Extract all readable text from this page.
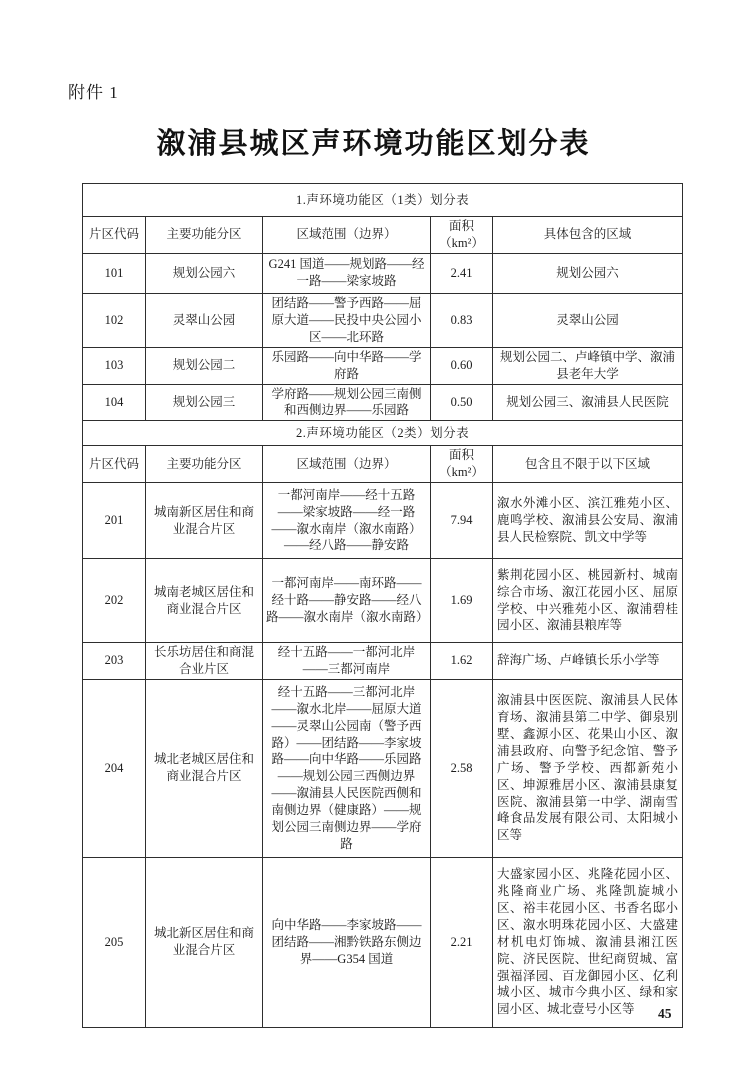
附件 1
溆浦县城区声环境功能区划分表
1.声环境功能区（1类）划分表				
片区代码	主要功能分区	区域范围（边界）	面积（km²）	具体包含的区域
101	规划公园六	G241 国道——规划路——经一路——梁家坡路	2.41	规划公园六
102	灵翠山公园	团结路——警予西路——屈原大道——民投中央公园小区——北环路	0.83	灵翠山公园
103	规划公园二	乐园路——向中华路——学府路	0.60	规划公园二、卢峰镇中学、溆浦县老年大学
104	规划公园三	学府路——规划公园三南侧和西侧边界——乐园路	0.50	规划公园三、溆浦县人民医院
2.声环境功能区（2类）划分表				
片区代码	主要功能分区	区域范围（边界）	面积（km²）	包含且不限于以下区域
201	城南新区居住和商业混合片区	一都河南岸——经十五路——梁家坡路——经一路——溆水南岸（溆水南路）——经八路——静安路	7.94	溆水外滩小区、滨江雅苑小区、鹿鸣学校、溆浦县公安局、溆浦县人民检察院、凯文中学等
202	城南老城区居住和商业混合片区	一都河南岸——南环路——经十路——静安路——经八路——溆水南岸（溆水南路）	1.69	紫荆花园小区、桃园新村、城南综合市场、溆江花园小区、屈原学校、中兴雅苑小区、溆浦碧桂园小区、溆浦县粮库等
203	长乐坊居住和商混合业片区	经十五路——一都河北岸——三都河南岸	1.62	辞海广场、卢峰镇长乐小学等
204	城北老城区居住和商业混合片区	经十五路——三都河北岸——溆水北岸——屈原大道——灵翠山公园南（警予西路）——团结路——李家坡路——向中华路——乐园路——规划公园三西侧边界——溆浦县人民医院西侧和南侧边界（健康路）——规划公园三南侧边界——学府路	2.58	溆浦县中医医院、溆浦县人民体育场、溆浦县第二中学、御泉别墅、鑫源小区、花果山小区、溆浦县政府、向警予纪念馆、警予广场、警予学校、西都新苑小区、坤源雅居小区、溆浦县康复医院、溆浦县第一中学、湖南雪峰食品发展有限公司、太阳城小区等
205	城北新区居住和商业混合片区	向中华路——李家坡路——团结路——湘黔铁路东侧边界——G354 国道	2.21	大盛家园小区、兆隆花园小区、兆隆商业广场、兆隆凯旋城小区、裕丰花园小区、书香名邸小区、溆水明珠花园小区、大盛建材机电灯饰城、溆浦县湘江医院、济民医院、世纪商贸城、富强福泽园、百龙御园小区、亿利城小区、城市今典小区、绿和家园小区、城北壹号小区等 45
